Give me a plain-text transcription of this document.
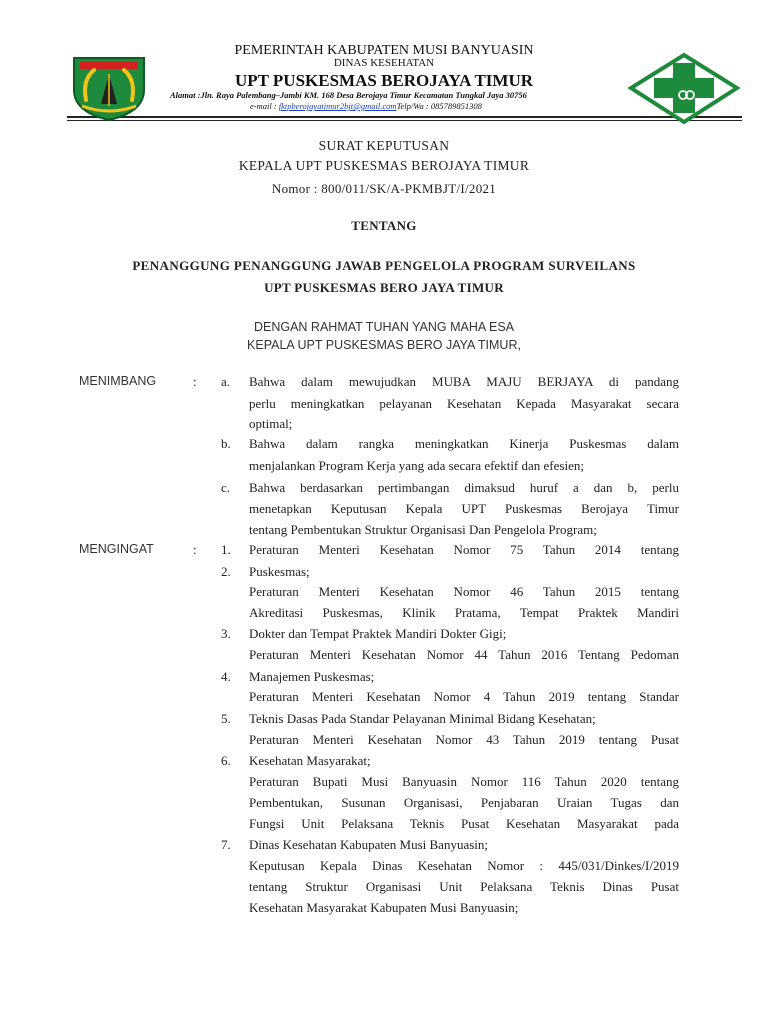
PEMERINTAH KABUPATEN MUSI BANYUASIN
DINAS KESEHATAN
UPT PUSKESMAS BEROJAYA TIMUR
Alamat :Jln. Raya Palembang–Jambi KM. 168 Desa Berojaya Timur Kecamatan Tungkal Jaya 30756
e-mail : fktpberojayatimur2bjt@gmail.comTelp/Wa : 085789851308
SURAT KEPUTUSAN
KEPALA UPT PUSKESMAS BEROJAYA TIMUR
Nomor : 800/011/SK/A-PKMBJT/I/2021
TENTANG
PENANGGUNG PENANGGUNG JAWAB PENGELOLA PROGRAM SURVEILANS
UPT PUSKESMAS BERO JAYA TIMUR
DENGAN RAHMAT TUHAN YANG MAHA ESA
KEPALA UPT PUSKESMAS BERO JAYA TIMUR,
MENIMBANG	: a.
b.
c.
Bahwa dalam mewujudkan MUBA MAJU BERJAYA di pandang
perlu meningkatkan pelayanan Kesehatan Kepada Masyarakat secara
optimal;
Bahwa dalam rangka meningkatkan Kinerja Puskesmas dalam
menjalankan Program Kerja yang ada secara efektif dan efesien;
Bahwa berdasarkan pertimbangan dimaksud huruf a dan b, perlu
menetapkan Keputusan Kepala UPT Puskesmas Berojaya Timur
tentang Pembentukan Struktur Organisasi Dan Pengelola Program;
MENGINGAT	: 1.
2.
3.
4.
5.
6.
7.
Peraturan Menteri Kesehatan Nomor 75 Tahun 2014 tentang
Puskesmas;
Peraturan Menteri Kesehatan Nomor 46 Tahun 2015 tentang
Akreditasi Puskesmas, Klinik Pratama, Tempat Praktek Mandiri
Dokter dan Tempat Praktek Mandiri Dokter Gigi;
Peraturan Menteri Kesehatan Nomor 44 Tahun 2016 Tentang Pedoman
Manajemen Puskesmas;
Peraturan Menteri Kesehatan Nomor 4 Tahun 2019 tentang Standar
Teknis Dasas Pada Standar Pelayanan Minimal Bidang Kesehatan;
Peraturan Menteri Kesehatan Nomor 43 Tahun 2019 tentang Pusat
Kesehatan Masyarakat;
Peraturan Bupati Musi Banyuasin Nomor 116 Tahun 2020 tentang
Pembentukan, Susunan Organisasi, Penjabaran Uraian Tugas dan
Fungsi Unit Pelaksana Teknis Pusat Kesehatan Masyarakat pada
Dinas Kesehatan Kabupaten Musi Banyuasin;
Keputusan Kepala Dinas Kesehatan Nomor : 445/031/Dinkes/I/2019
tentang Struktur Organisasi Unit Pelaksana Teknis Dinas Pusat
Kesehatan Masyarakat Kabupaten Musi Banyuasin;
